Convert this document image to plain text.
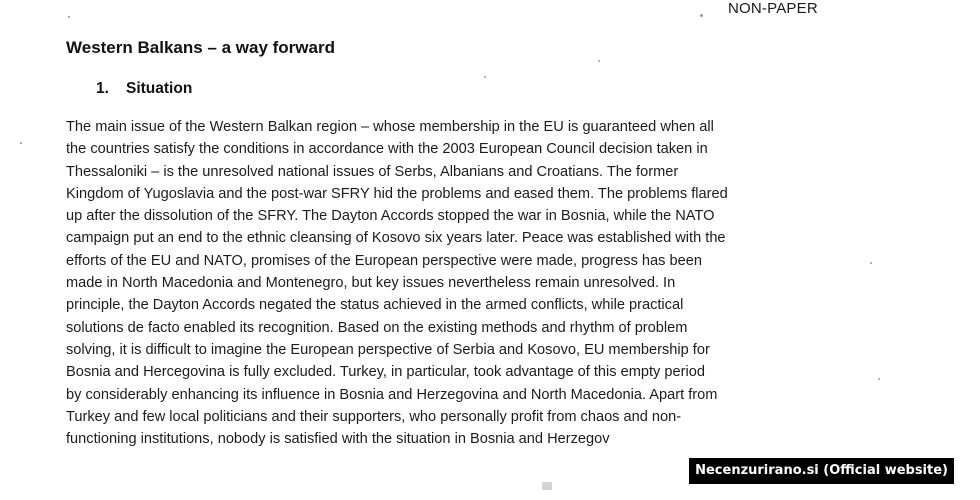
NON-PAPER
Western Balkans – a way forward
1. Situation
The main issue of the Western Balkan region – whose membership in the EU is guaranteed when all
the countries satisfy the conditions in accordance with the 2003 European Council decision taken in
Thessaloniki – is the unresolved national issues of Serbs, Albanians and Croatians. The former
Kingdom of Yugoslavia and the post-war SFRY hid the problems and eased them. The problems flared
up after the dissolution of the SFRY. The Dayton Accords stopped the war in Bosnia, while the NATO
campaign put an end to the ethnic cleansing of Kosovo six years later. Peace was established with the
efforts of the EU and NATO, promises of the European perspective were made, progress has been
made in North Macedonia and Montenegro, but key issues nevertheless remain unresolved. In
principle, the Dayton Accords negated the status achieved in the armed conflicts, while practical
solutions de facto enabled its recognition. Based on the existing methods and rhythm of problem
solving, it is difficult to imagine the European perspective of Serbia and Kosovo, EU membership for
Bosnia and Hercegovina is fully excluded. Turkey, in particular, took advantage of this empty period
by considerably enhancing its influence in Bosnia and Herzegovina and North Macedonia. Apart from
Turkey and few local politicians and their supporters, who personally profit from chaos and non-
functioning institutions, nobody is satisfied with the situation in Bosnia and Herzegov
Necenzurirano.si (Official website)
